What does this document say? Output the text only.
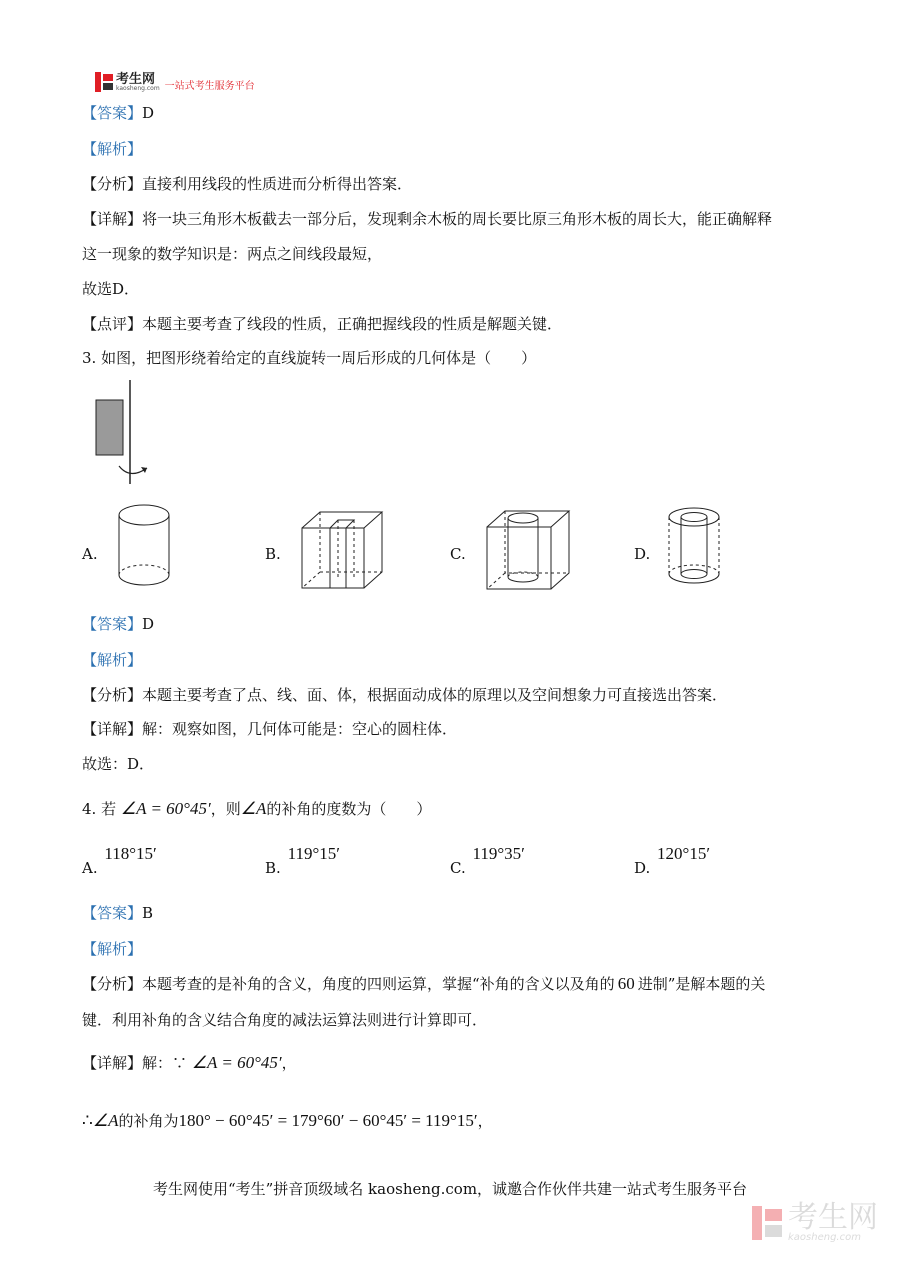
考生网
kaosheng.com 一站式考生服务平台
【答案】D
【解析】
【分析】直接利用线段的性质进而分析得出答案．
【详解】将一块三角形木板截去一部分后，发现剩余木板的周长要比原三角形木板的周长大，能正确解释
这一现象的数学知识是：两点之间线段最短，
故选D．
【点评】本题主要考查了线段的性质，正确把握线段的性质是解题关键．
3. 如图，把图形绕着给定的直线旋转一周后形成的几何体是（　　）
A.	B.	C.	D.
【答案】D
【解析】
【分析】本题主要考查了点、线、面、体，根据面动成体的原理以及空间想象力可直接选出答案．
【详解】解：观察如图，几何体可能是：空心的圆柱体．
故选：D．
4. 若 ∠A = 60°45′，则∠A的补角的度数为（　　）
A. 118°15′
B. 119°15′
C. 119°35′
D. 120°15′
【答案】B
【解析】
【分析】本题考查的是补角的含义，角度的四则运算，掌握“补角的含义以及角的 60 进制”是解本题的关
键．利用补角的含义结合角度的减法运算法则进行计算即可．
【详解】解：∵ ∠A = 60°45′，
∴∠A的补角为180° − 60°45′ = 179°60′ − 60°45′ = 119°15′，
考生网使用“考生”拼音顶级域名 kaosheng.com，诚邀合作伙伴共建一站式考生服务平台
考生网
kaosheng.com
